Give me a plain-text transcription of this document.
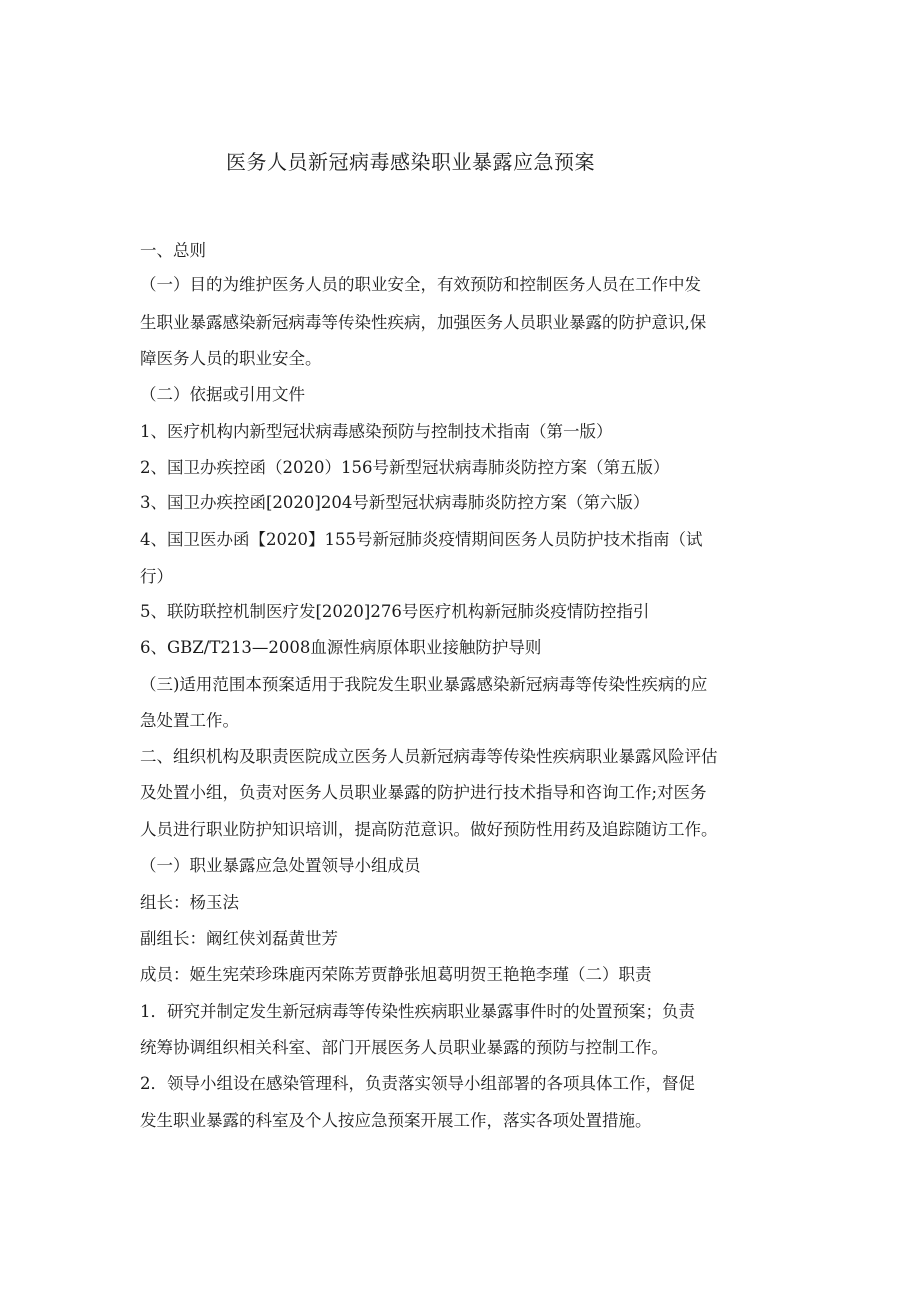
医务人员新冠病毒感染职业暴露应急预案
一、总则
（一）目的为维护医务人员的职业安全，有效预防和控制医务人员在工作中发
生职业暴露感染新冠病毒等传染性疾病，加强医务人员职业暴露的防护意识,保
障医务人员的职业安全。
（二）依据或引用文件
1、医疗机构内新型冠状病毒感染预防与控制技术指南（第一版）
2、国卫办疾控函（2020）156号新型冠状病毒肺炎防控方案（第五版）
3、国卫办疾控函[2020]204号新型冠状病毒肺炎防控方案（第六版）
4、国卫医办函【2020】155号新冠肺炎疫情期间医务人员防护技术指南（试
行）
5、联防联控机制医疗发[2020]276号医疗机构新冠肺炎疫情防控指引
6、GBZ/T213—2008血源性病原体职业接触防护导则
（三)适用范围本预案适用于我院发生职业暴露感染新冠病毒等传染性疾病的应
急处置工作。
二、组织机构及职责医院成立医务人员新冠病毒等传染性疾病职业暴露风险评估
及处置小组，负责对医务人员职业暴露的防护进行技术指导和咨询工作;对医务
人员进行职业防护知识培训，提高防范意识。做好预防性用药及追踪随访工作。
（一）职业暴露应急处置领导小组成员
组长：杨玉法
副组长：阚红侠刘磊黄世芳
成员：姬生宪荣珍珠鹿丙荣陈芳贾静张旭葛明贺王艳艳李瑾（二）职责
1．研究并制定发生新冠病毒等传染性疾病职业暴露事件时的处置预案；负责
统筹协调组织相关科室、部门开展医务人员职业暴露的预防与控制工作。
2．领导小组设在感染管理科，负责落实领导小组部署的各项具体工作，督促
发生职业暴露的科室及个人按应急预案开展工作，落实各项处置措施。
